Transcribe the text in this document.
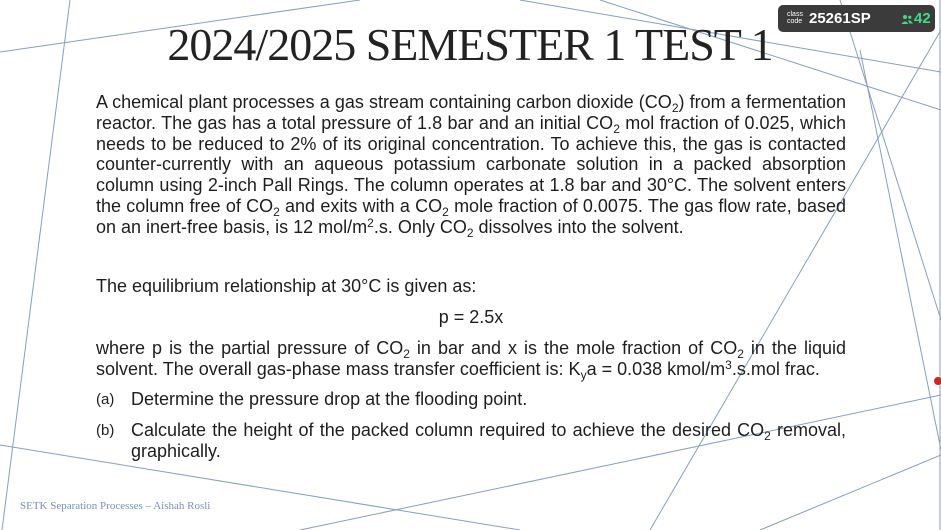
2024/2025 SEMESTER 1 TEST 1
A chemical plant processes a gas stream containing carbon dioxide $(CO_2)$ from a fermentation reactor. The gas has a total pressure of 1.8 bar and an initial $CO_2$ mol fraction of 0.025, which needs to be reduced to 2% of its original concentration. To achieve this, the gas is contacted counter-currently with an aqueous potassium carbonate solution in a packed absorption column using 2-inch Pall Rings. The column operates at 1.8 bar and 30°C. The solvent enters the column free of $CO_2$ and exits with a $CO_2$ mole fraction of 0.0075. The gas flow rate, based on an inert-free basis, is 12 mol/$m^2.s$. Only $CO_2$ dissolves into the solvent.
The equilibrium relationship at 30°C is given as:
p = 2.5x
where p is the partial pressure of $CO_2$ in bar and x is the mole fraction of $CO_2$ in the liquid solvent. The overall gas-phase mass transfer coefficient is: $K_ya = 0.038$ kmol/$m^3.s.mol$ frac.
(a) Determine the pressure drop at the flooding point.
(b) Calculate the height of the packed column required to achieve the desired $CO_2$ removal, graphically.
SETK Separation Processes – Aishah Rosli
class
code 25261SP	42
